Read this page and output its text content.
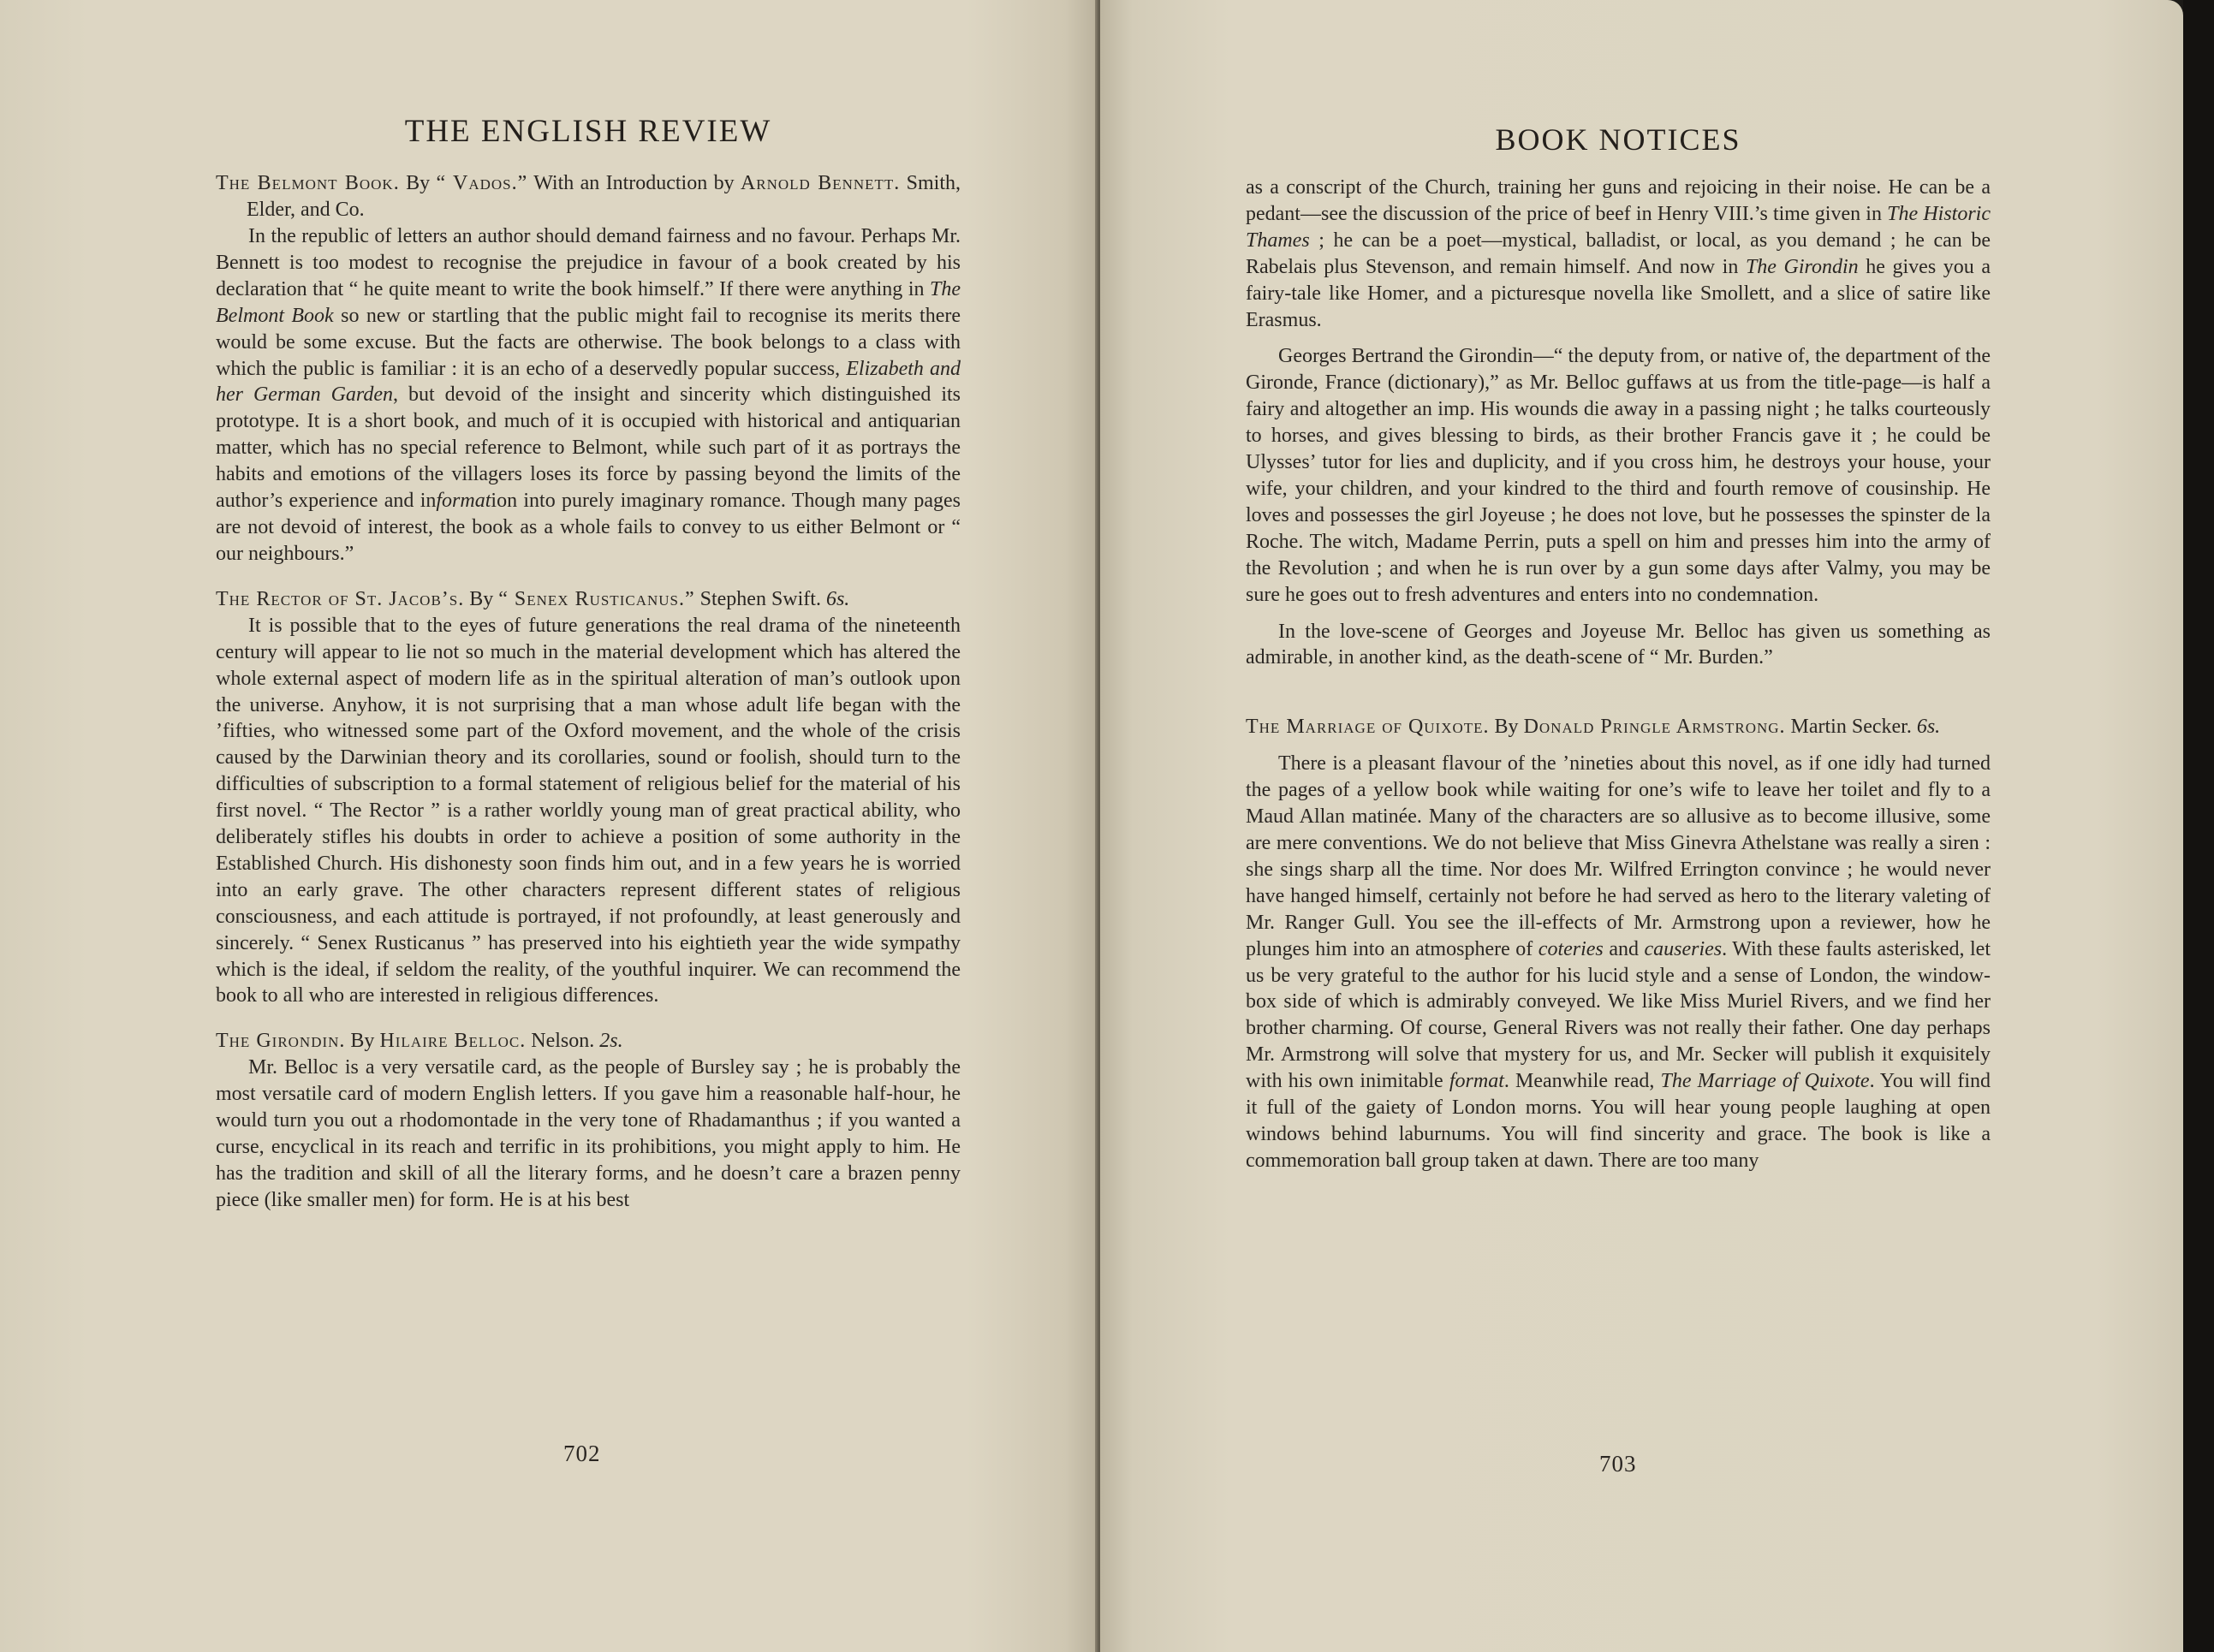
THE ENGLISH REVIEW
The Belmont Book. By “ Vados.” With an Introduction by Arnold Bennett. Smith, Elder, and Co.

In the republic of letters an author should demand fairness and no favour. Perhaps Mr. Bennett is too modest to recognise the prejudice in favour of a book created by his declaration that “ he quite meant to write the book himself.” If there were anything in The Belmont Book so new or startling that the public might fail to recognise its merits there would be some excuse. But the facts are otherwise. The book belongs to a class with which the public is familiar : it is an echo of a deservedly popular success, Elizabeth and her German Garden, but devoid of the insight and sincerity which distinguished its prototype. It is a short book, and much of it is occupied with historical and antiquarian matter, which has no special reference to Belmont, while such part of it as portrays the habits and emotions of the villagers loses its force by passing beyond the limits of the author’s experience and information into purely imaginary romance. Though many pages are not devoid of interest, the book as a whole fails to convey to us either Belmont or “ our neighbours.”

The Rector of St. Jacob’s. By “ Senex Rusticanus.” Stephen Swift. 6s.

It is possible that to the eyes of future generations the real drama of the nineteenth century will appear to lie not so much in the material development which has altered the whole external aspect of modern life as in the spiritual alteration of man’s outlook upon the universe. Anyhow, it is not surprising that a man whose adult life began with the ’fifties, who witnessed some part of the Oxford movement, and the whole of the crisis caused by the Darwinian theory and its corollaries, sound or foolish, should turn to the difficulties of subscription to a formal statement of religious belief for the material of his first novel. “ The Rector ” is a rather worldly young man of great practical ability, who deliberately stifles his doubts in order to achieve a position of some authority in the Established Church. His dishonesty soon finds him out, and in a few years he is worried into an early grave. The other characters represent different states of religious consciousness, and each attitude is portrayed, if not profoundly, at least generously and sincerely. “ Senex Rusticanus ” has preserved into his eightieth year the wide sympathy which is the ideal, if seldom the reality, of the youthful inquirer. We can recommend the book to all who are interested in religious differences.

The Girondin. By Hilaire Belloc. Nelson. 2s.

Mr. Belloc is a very versatile card, as the people of Bursley say ; he is probably the most versatile card of modern English letters. If you gave him a reasonable half-hour, he would turn you out a rhodomontade in the very tone of Rhadamanthus ; if you wanted a curse, encyclical in its reach and terrific in its prohibitions, you might apply to him. He has the tradition and skill of all the literary forms, and he doesn’t care a brazen penny piece (like smaller men) for form. He is at his best

702
BOOK NOTICES

as a conscript of the Church, training her guns and rejoicing in their noise. He can be a pedant—see the discussion of the price of beef in Henry VIII.’s time given in The Historic Thames ; he can be a poet—mystical, balladist, or local, as you demand ; he can be Rabelais plus Stevenson, and remain himself. And now in The Girondin he gives you a fairy-tale like Homer, and a picturesque novella like Smollett, and a slice of satire like Erasmus.

Georges Bertrand the Girondin—“ the deputy from, or native of, the department of the Gironde, France (dictionary),” as Mr. Belloc guffaws at us from the title-page—is half a fairy and altogether an imp. His wounds die away in a passing night ; he talks courteously to horses, and gives blessing to birds, as their brother Francis gave it ; he could be Ulysses’ tutor for lies and duplicity, and if you cross him, he destroys your house, your wife, your children, and your kindred to the third and fourth remove of cousinship. He loves and possesses the girl Joyeuse ; he does not love, but he possesses the spinster de la Roche. The witch, Madame Perrin, puts a spell on him and presses him into the army of the Revolution ; and when he is run over by a gun some days after Valmy, you may be sure he goes out to fresh adventures and enters into no condemnation.

In the love-scene of Georges and Joyeuse Mr. Belloc has given us something as admirable, in another kind, as the death-scene of “ Mr. Burden.”

The Marriage of Quixote. By Donald Pringle Armstrong. Martin Secker. 6s.

There is a pleasant flavour of the ’nineties about this novel, as if one idly had turned the pages of a yellow book while waiting for one’s wife to leave her toilet and fly to a Maud Allan matinée. Many of the characters are so allusive as to become illusive, some are mere conventions. We do not believe that Miss Ginevra Athelstane was really a siren : she sings sharp all the time. Nor does Mr. Wilfred Errington convince ; he would never have hanged himself, certainly not before he had served as hero to the literary valeting of Mr. Ranger Gull. You see the ill-effects of Mr. Armstrong upon a reviewer, how he plunges him into an atmosphere of coteries and causeries. With these faults asterisked, let us be very grateful to the author for his lucid style and a sense of London, the window-box side of which is admirably conveyed. We like Miss Muriel Rivers, and we find her brother charming. Of course, General Rivers was not really their father. One day perhaps Mr. Armstrong will solve that mystery for us, and Mr. Secker will publish it exquisitely with his own inimitable format. Meanwhile read, The Marriage of Quixote. You will find it full of the gaiety of London morns. You will hear young people laughing at open windows behind laburnums. You will find sincerity and grace. The book is like a commemoration ball group taken at dawn. There are too many

703
